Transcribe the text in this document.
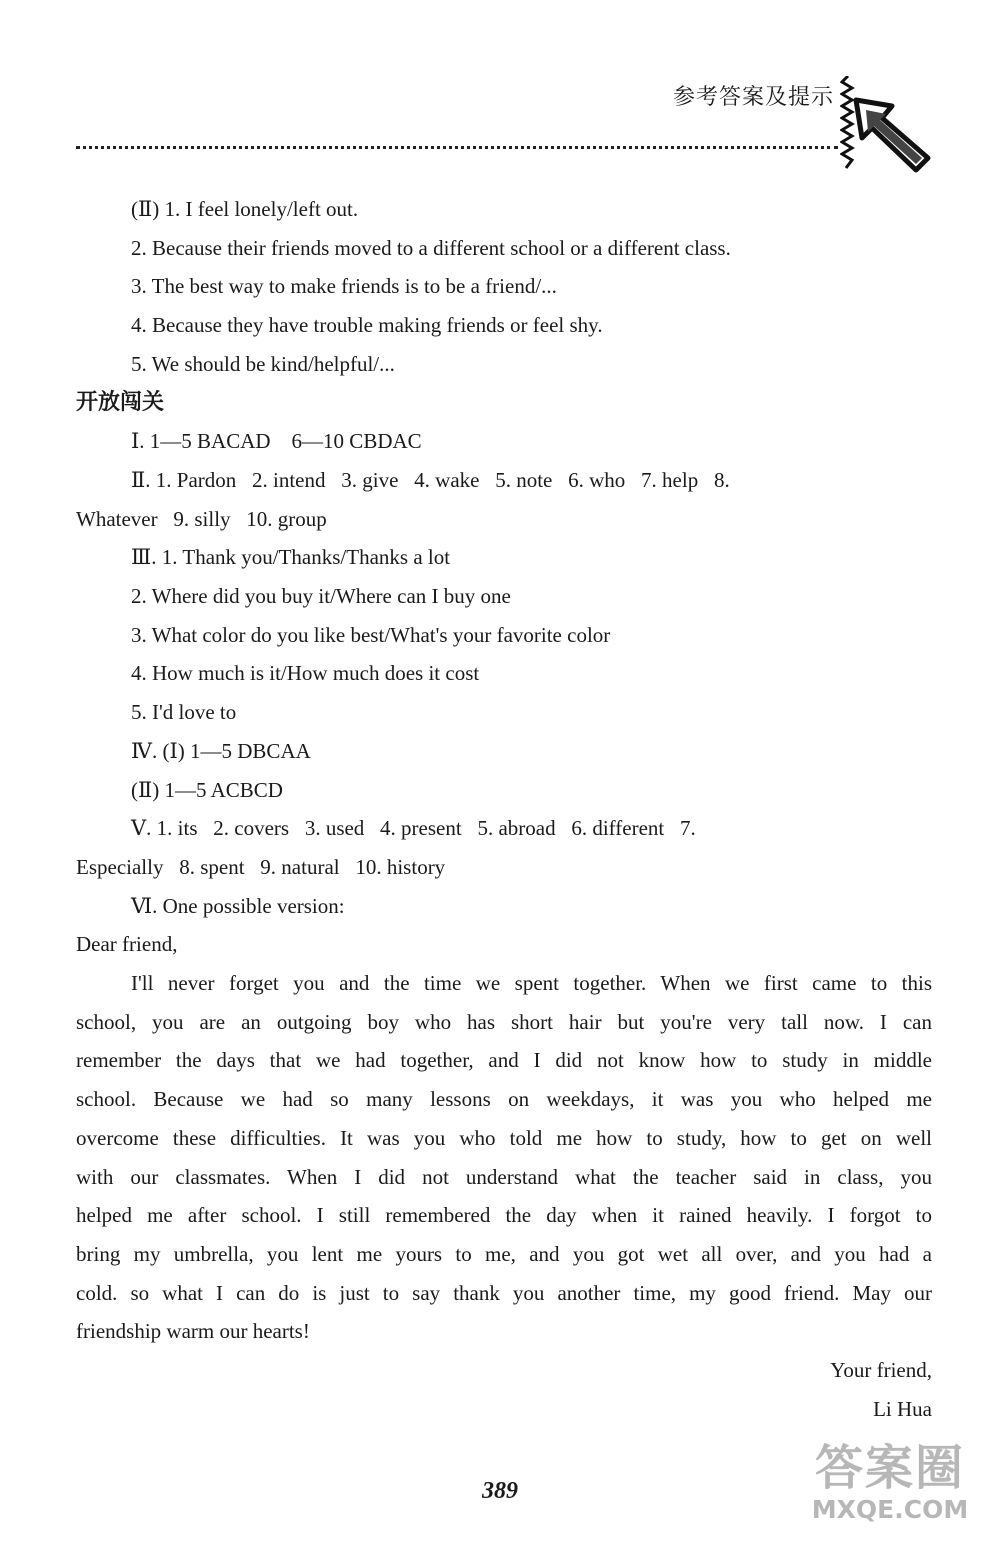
参考答案及提示
(Ⅱ) 1. I feel lonely/left out.
2. Because their friends moved to a different school or a different class.
3. The best way to make friends is to be a friend/...
4. Because they have trouble making friends or feel shy.
5. We should be kind/helpful/...
开放闯关
Ⅰ. 1—5 BACAD    6—10 CBDAC
Ⅱ. 1. Pardon   2. intend   3. give   4. wake   5. note   6. who   7. help   8.
Whatever   9. silly   10. group
Ⅲ. 1. Thank you/Thanks/Thanks a lot
2. Where did you buy it/Where can I buy one
3. What color do you like best/What's your favorite color
4. How much is it/How much does it cost
5. I'd love to
Ⅳ. (Ⅰ) 1—5 DBCAA
(Ⅱ) 1—5 ACBCD
Ⅴ. 1. its   2. covers   3. used   4. present   5. abroad   6. different   7.
Especially   8. spent   9. natural   10. history
Ⅵ. One possible version:
Dear friend,
I'll never forget you and the time we spent together. When we first came to this
school, you are an outgoing boy who has short hair but you're very tall now. I can
remember the days that we had together, and I did not know how to study in middle
school. Because we had so many lessons on weekdays, it was you who helped me
overcome these difficulties. It was you who told me how to study, how to get on well
with our classmates. When I did not understand what the teacher said in class, you
helped me after school. I still remembered the day when it rained heavily. I forgot to
bring my umbrella, you lent me yours to me, and you got wet all over, and you had a
cold. so what I can do is just to say thank you another time, my good friend. May our
friendship warm our hearts!
Your friend,
Li Hua
389	答案圈
MXQE.COM
